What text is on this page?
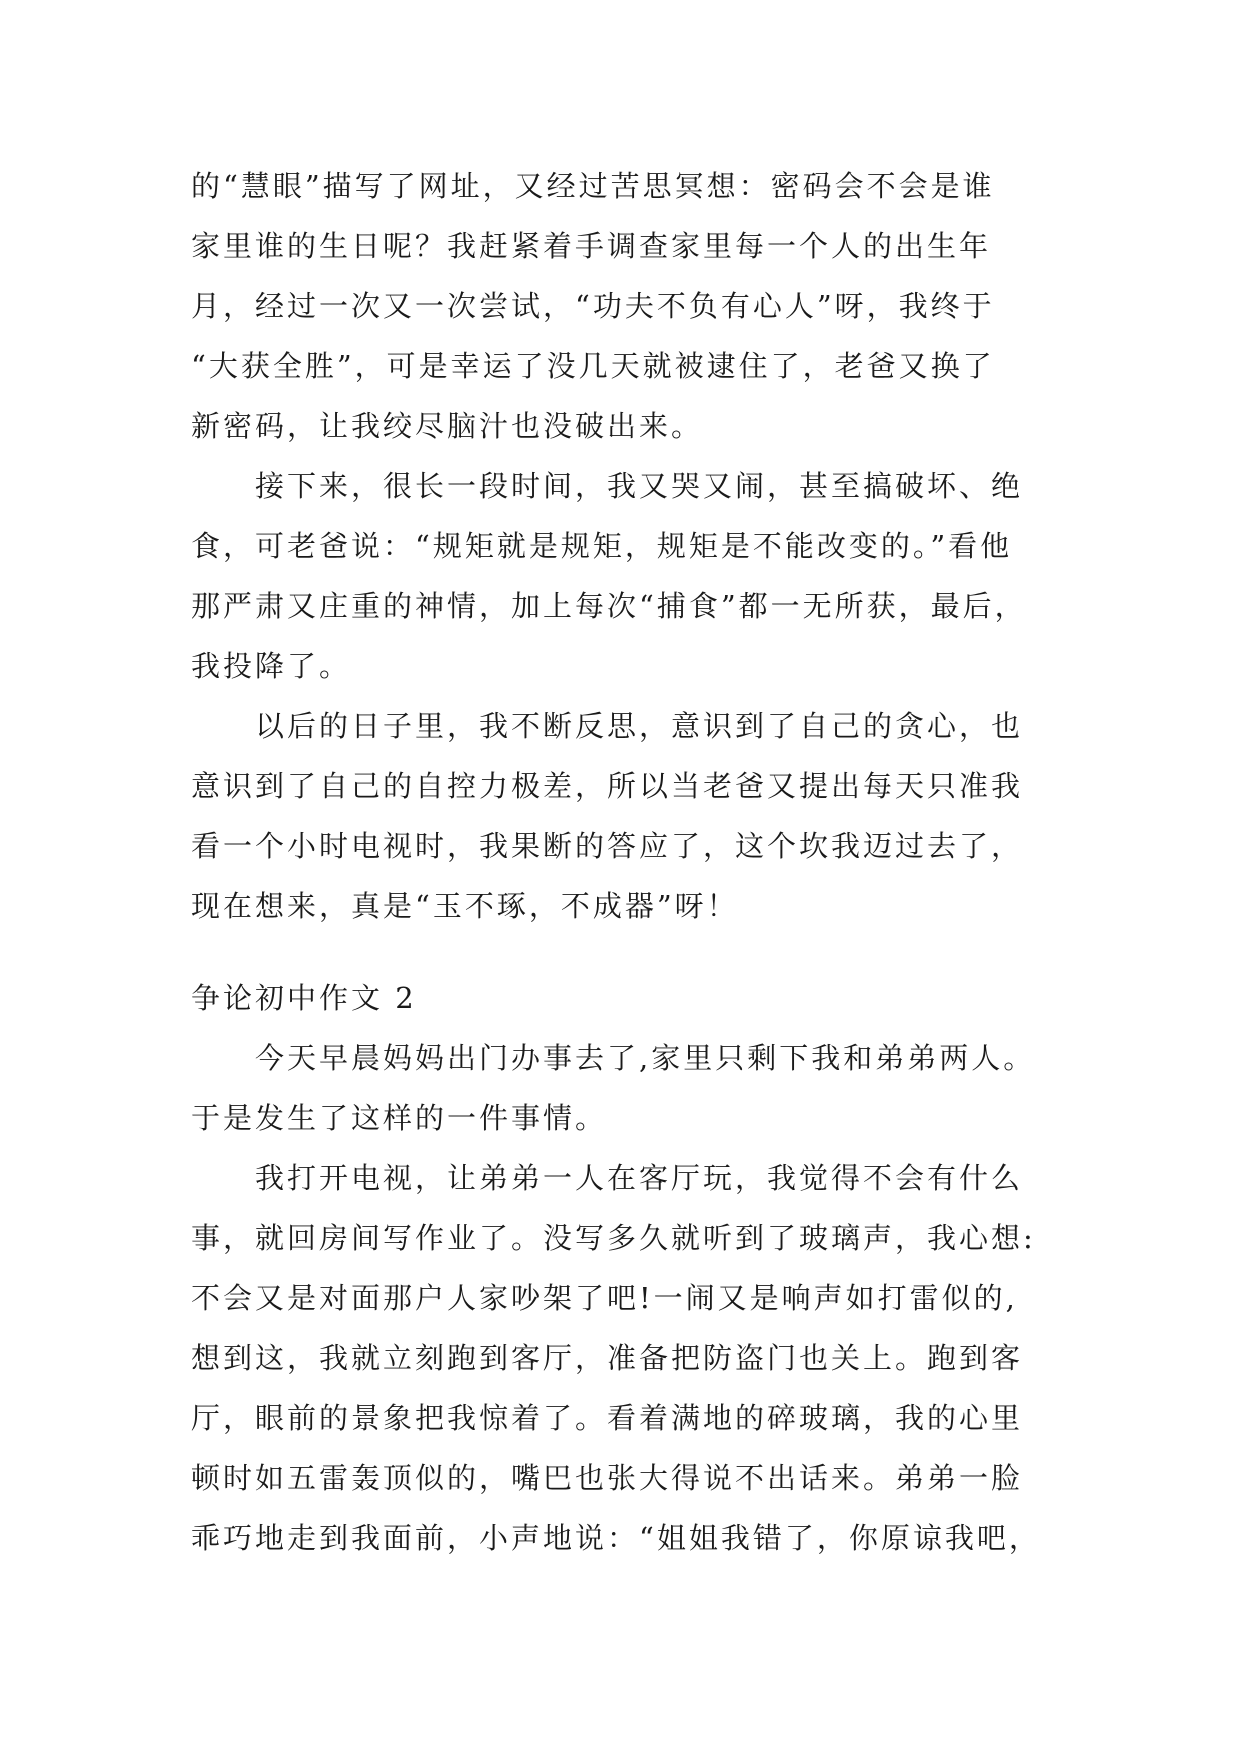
的“慧眼”描写了网址，又经过苦思冥想：密码会不会是谁
家里谁的生日呢？我赶紧着手调查家里每一个人的出生年
月，经过一次又一次尝试，“功夫不负有心人”呀，我终于
“大获全胜”，可是幸运了没几天就被逮住了，老爸又换了
新密码，让我绞尽脑汁也没破出来。
　　接下来，很长一段时间，我又哭又闹，甚至搞破坏、绝
食，可老爸说：“规矩就是规矩，规矩是不能改变的。”看他
那严肃又庄重的神情，加上每次“捕食”都一无所获，最后，
我投降了。
　　以后的日子里，我不断反思，意识到了自己的贪心，也
意识到了自己的自控力极差，所以当老爸又提出每天只准我
看一个小时电视时，我果断的答应了，这个坎我迈过去了，
现在想来，真是“玉不琢，不成器”呀！
争论初中作文 2
　　今天早晨妈妈出门办事去了,家里只剩下我和弟弟两人。
于是发生了这样的一件事情。
　　我打开电视，让弟弟一人在客厅玩，我觉得不会有什么
事，就回房间写作业了。没写多久就听到了玻璃声，我心想:
不会又是对面那户人家吵架了吧!一闹又是响声如打雷似的,
想到这，我就立刻跑到客厅，准备把防盗门也关上。跑到客
厅，眼前的景象把我惊着了。看着满地的碎玻璃，我的心里
顿时如五雷轰顶似的，嘴巴也张大得说不出话来。弟弟一脸
乖巧地走到我面前，小声地说：“姐姐我错了，你原谅我吧，
